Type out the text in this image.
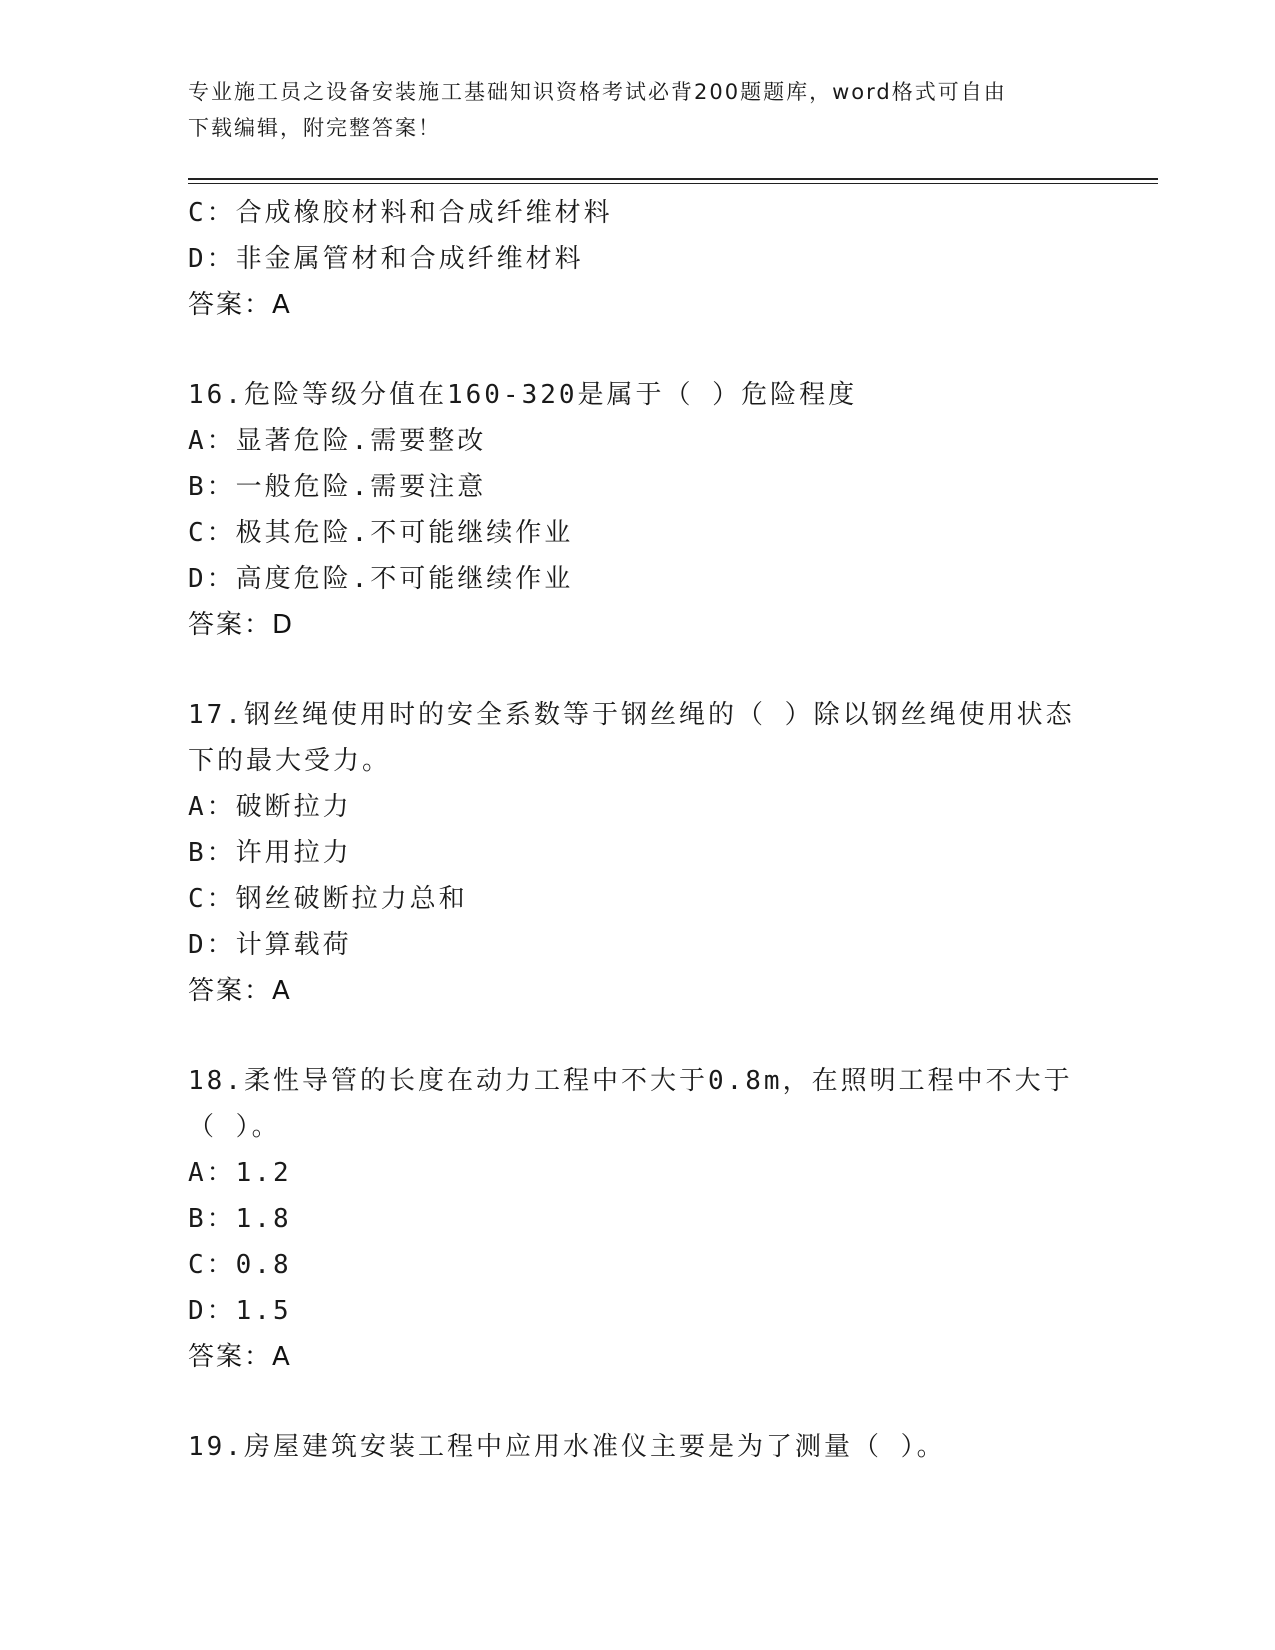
专业施工员之设备安装施工基础知识资格考试必背200题题库，word格式可自由
下载编辑，附完整答案！
C：合成橡胶材料和合成纤维材料
D：非金属管材和合成纤维材料
答案：A
16.危险等级分值在160-320是属于（ ）危险程度
A：显著危险.需要整改
B：一般危险.需要注意
C：极其危险.不可能继续作业
D：高度危险.不可能继续作业
答案：D
17.钢丝绳使用时的安全系数等于钢丝绳的（ ）除以钢丝绳使用状态下的最大受力。
A：破断拉力
B：许用拉力
C：钢丝破断拉力总和
D：计算载荷
答案：A
18.柔性导管的长度在动力工程中不大于0.8m，在照明工程中不大于（ ）。
A：1.2
B：1.8
C：0.8
D：1.5
答案：A
19.房屋建筑安装工程中应用水准仪主要是为了测量（ ）。
